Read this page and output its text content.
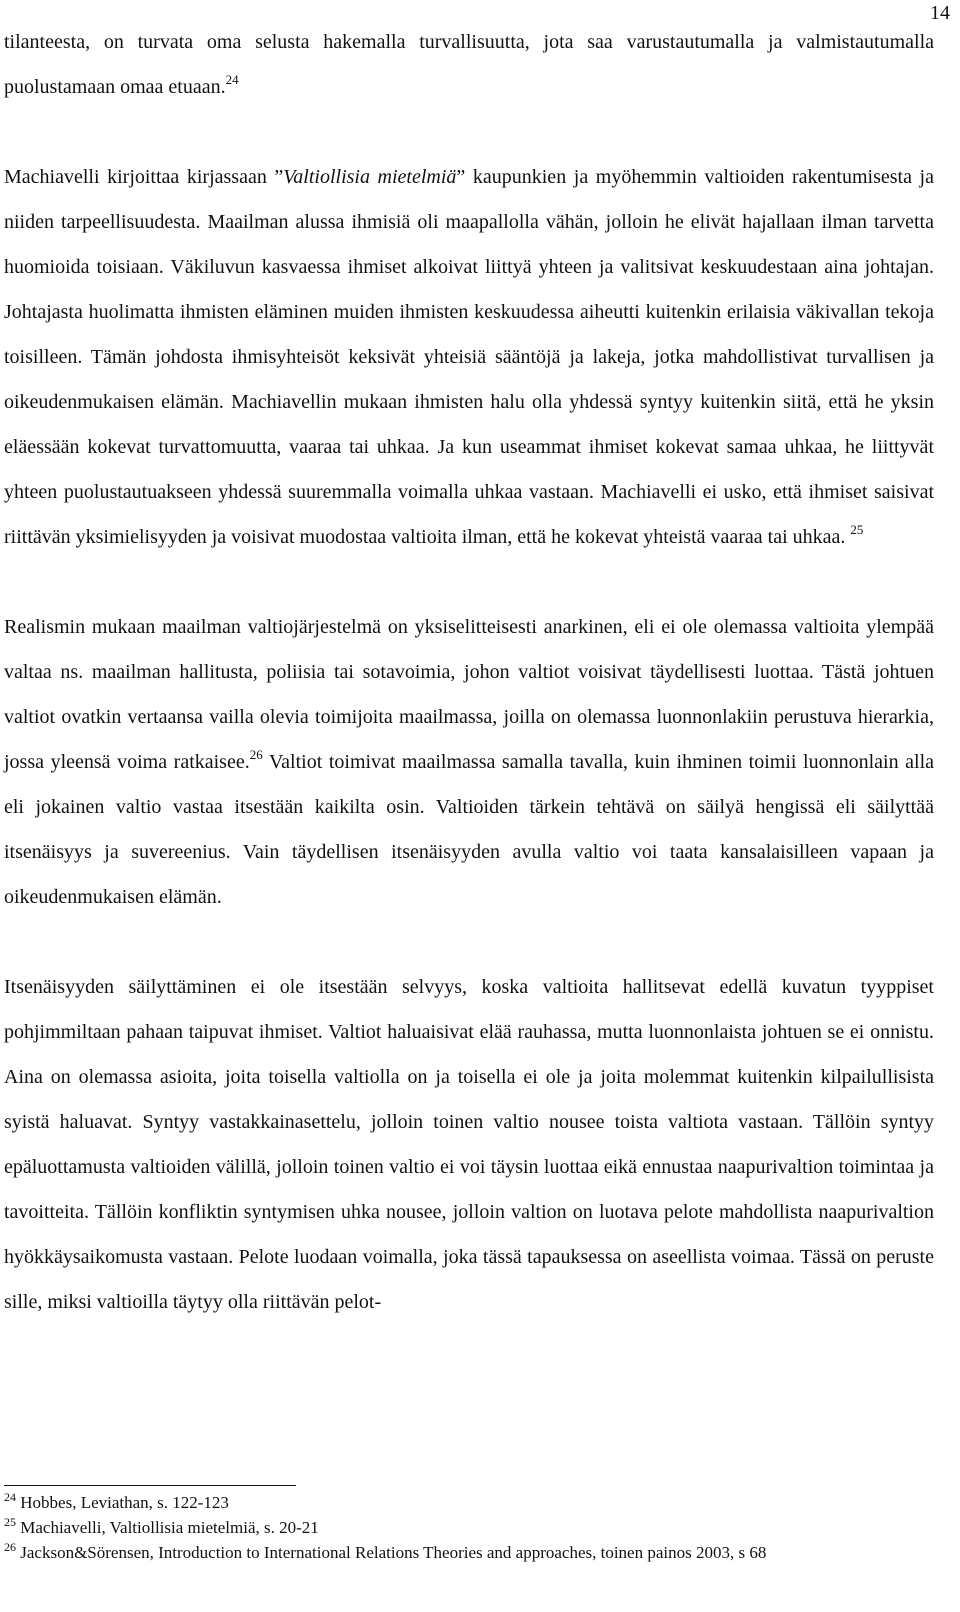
14

tilanteesta, on turvata oma selusta hakemalla turvallisuutta, jota saa varustautumalla ja valmistautumalla puolustamaan omaa etuaan.$^{24}$

Machiavelli kirjoittaa kirjassaan ”Valtiollisia mietelmiä” kaupunkien ja myöhemmin valtioiden rakentumisesta ja niiden tarpeellisuudesta. Maailman alussa ihmisiä oli maapallolla vähän, jolloin he elivät hajallaan ilman tarvetta huomioida toisiaan. Väkiluvun kasvaessa ihmiset alkoivat liittyä yhteen ja valitsivat keskuudestaan aina johtajan. Johtajasta huolimatta ihmisten eläminen muiden ihmisten keskuudessa aiheutti kuitenkin erilaisia väkivallan tekoja toisilleen. Tämän johdosta ihmisyhteisöt keksivät yhteisiä sääntöjä ja lakeja, jotka mahdollistivat turvallisen ja oikeudenmukaisen elämän. Machiavellin mukaan ihmisten halu olla yhdessä syntyy kuitenkin siitä, että he yksin eläessään kokevat turvattomuutta, vaaraa tai uhkaa. Ja kun useammat ihmiset kokevat samaa uhkaa, he liittyvät yhteen puolustautuakseen yhdessä suuremmalla voimalla uhkaa vastaan. Machiavelli ei usko, että ihmiset saisivat riittävän yksimielisyyden ja voisivat muodostaa valtioita ilman, että he kokevat yhteistä vaaraa tai uhkaa. $^{25}$

Realismin mukaan maailman valtiojärjestelmä on yksiselitteisesti anarkinen, eli ei ole olemassa valtioita ylempää valtaa ns. maailman hallitusta, poliisia tai sotavoimia, johon valtiot voisivat täydellisesti luottaa. Tästä johtuen valtiot ovatkin vertaansa vailla olevia toimijoita maailmassa, joilla on olemassa luonnonlakiin perustuva hierarkia, jossa yleensä voima ratkaisee.$^{26}$ Valtiot toimivat maailmassa samalla tavalla, kuin ihminen toimii luonnonlain alla eli jokainen valtio vastaa itsestään kaikilta osin. Valtioiden tärkein tehtävä on säilyä hengissä eli säilyttää itsenäisyys ja suvereenius. Vain täydellisen itsenäisyyden avulla valtio voi taata kansalaisilleen vapaan ja oikeudenmukaisen elämän.

Itsenäisyyden säilyttäminen ei ole itsestään selvyys, koska valtioita hallitsevat edellä kuvatun tyyppiset pohjimmiltaan pahaan taipuvat ihmiset. Valtiot haluaisivat elää rauhassa, mutta luonnonlaista johtuen se ei onnistu. Aina on olemassa asioita, joita toisella valtiolla on ja toisella ei ole ja joita molemmat kuitenkin kilpailullisista syistä haluavat. Syntyy vastakkainasettelu, jolloin toinen valtio nousee toista valtiota vastaan. Tällöin syntyy epäluottamusta valtioiden välillä, jolloin toinen valtio ei voi täysin luottaa eikä ennustaa naapurivaltion toimintaa ja tavoitteita. Tällöin konfliktin syntymisen uhka nousee, jolloin valtion on luotava pelote mahdollista naapurivaltion hyökkäysaikomusta vastaan. Pelote luodaan voimalla, joka tässä tapauksessa on aseellista voimaa. Tässä on peruste sille, miksi valtioilla täytyy olla riittävän pelot-

$^{24}$ Hobbes, Leviathan, s. 122-123
$^{25}$ Machiavelli, Valtiollisia mietelmiä, s. 20-21
$^{26}$ Jackson&Sörensen, Introduction to International Relations Theories and approaches, toinen painos 2003, s 68
